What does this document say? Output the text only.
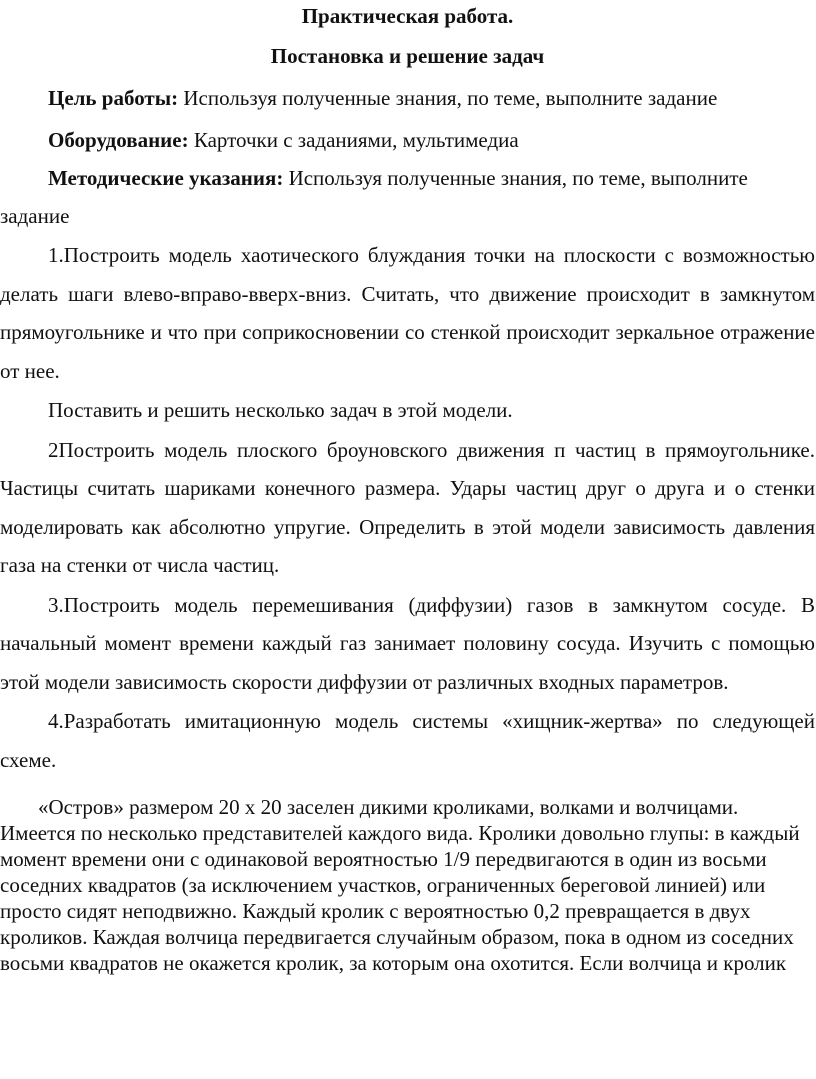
Практическая работа.

Постановка и решение задач

Цель работы: Используя полученные знания, по теме, выполните задание

Оборудование: Карточки с заданиями, мультимедиа

Методические указания: Используя полученные знания, по теме, выполните задание

1.Построить модель хаотического блуждания точки на плоскости с возможностью делать шаги влево-вправо-вверх-вниз. Считать, что движение происходит в замкнутом прямоугольнике и что при соприкосновении со стенкой происходит зеркальное отражение от нее.

Поставить и решить несколько задач в этой модели.

2Построить модель плоского броуновского движения п частиц в прямоугольнике. Частицы считать шариками конечного размера. Удары частиц друг о друга и о стенки моделировать как абсолютно упругие. Определить в этой модели зависимость давления газа на стенки от числа частиц.

3.Построить модель перемешивания (диффузии) газов в замкнутом сосуде. В начальный момент времени каждый газ занимает половину сосуда. Изучить с помощью этой модели зависимость скорости диффузии от различных входных параметров.

4.Разработать имитационную модель системы «хищник-жертва» по следующей схеме.

«Остров» размером 20 х 20 заселен дикими кроликами, волками и волчицами. Имеется по несколько представителей каждого вида. Кролики довольно глупы: в каждый момент времени они с одинаковой вероятностью 1/9 передвигаются в один из восьми соседних квадратов (за исключением участков, ограниченных береговой линией) или просто сидят неподвижно. Каждый кролик с вероятностью 0,2 превращается в двух кроликов. Каждая волчица передвигается случайным образом, пока в одном из соседних восьми квадратов не окажется кролик, за которым она охотится. Если волчица и кролик
